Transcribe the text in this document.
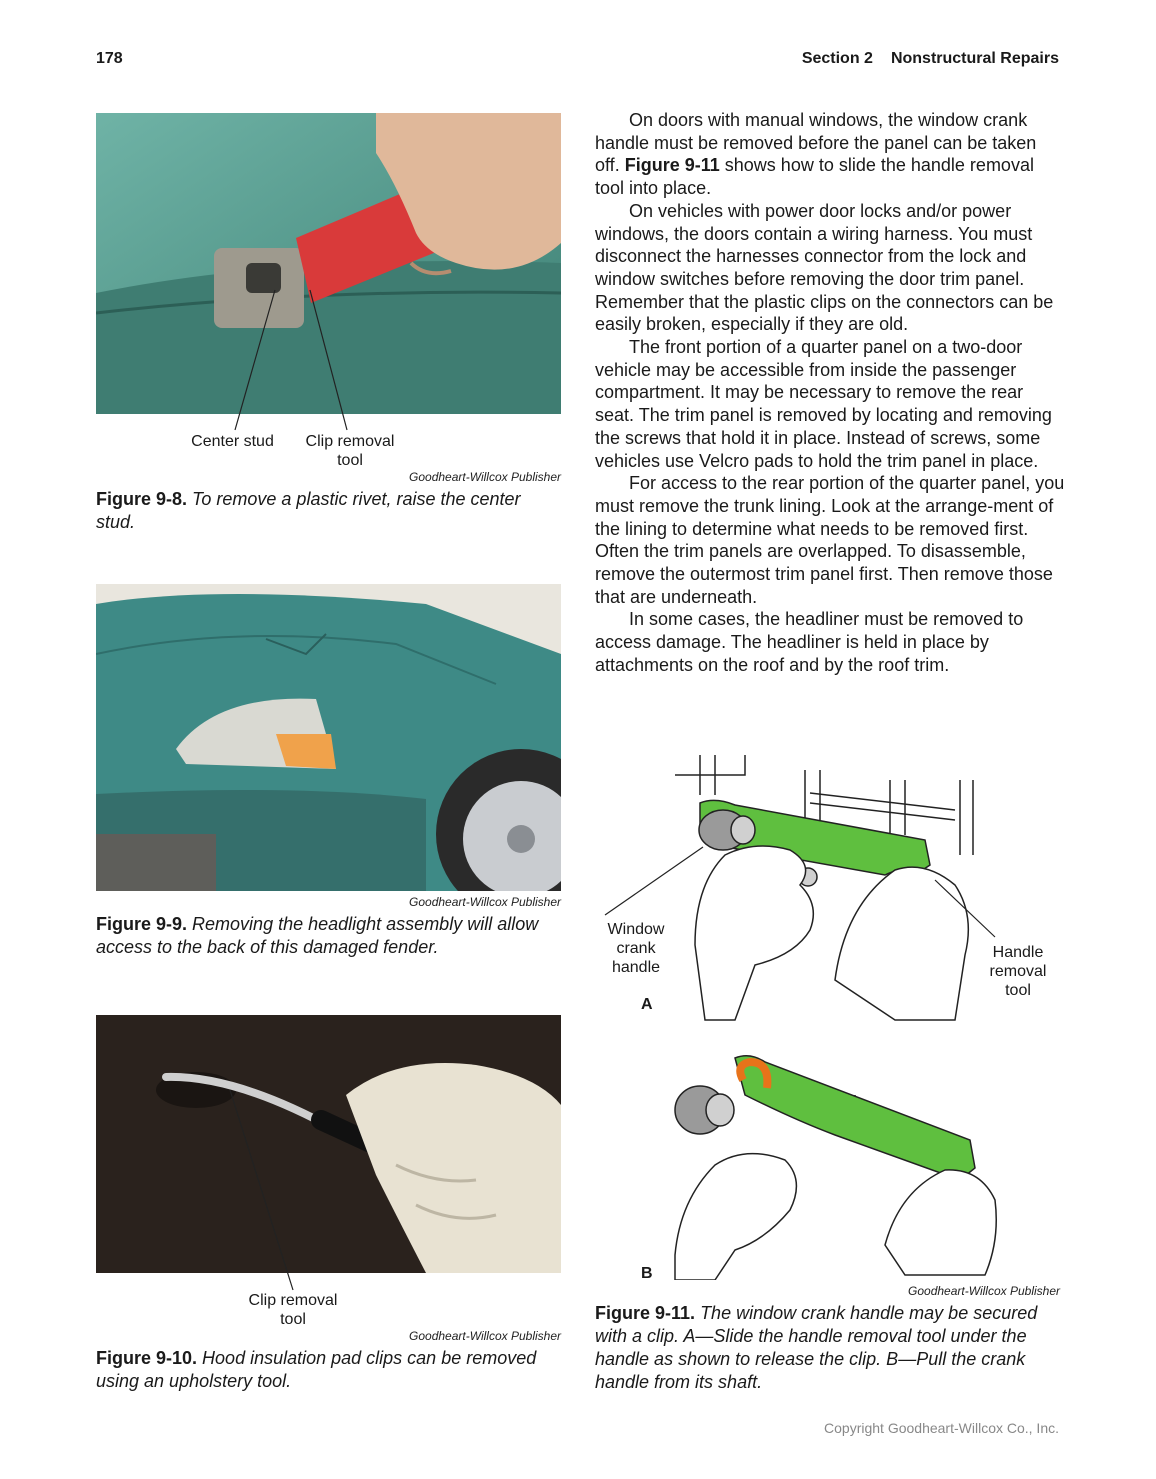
178	Section 2 Nonstructural Repairs
Center stud	Clip removal
tool
Goodheart-Willcox Publisher
Figure 9-8. To remove a plastic rivet, raise the center stud.
Goodheart-Willcox Publisher
Figure 9-9. Removing the headlight assembly will allow access to the back of this damaged fender.
Clip removal
tool
Goodheart-Willcox Publisher
Figure 9-10. Hood insulation pad clips can be removed using an upholstery tool.

On doors with manual windows, the window crank handle must be removed before the panel can be taken off. Figure 9-11 shows how to slide the handle removal tool into place.

On vehicles with power door locks and/or power windows, the doors contain a wiring harness. You must disconnect the harnesses connector from the lock and window switches before removing the door trim panel. Remember that the plastic clips on the connectors can be easily broken, especially if they are old.

The front portion of a quarter panel on a two-door vehicle may be accessible from inside the passenger compartment. It may be necessary to remove the rear seat. The trim panel is removed by locating and removing the screws that hold it in place. Instead of screws, some vehicles use Velcro pads to hold the trim panel in place.

For access to the rear portion of the quarter panel, you must remove the trunk lining. Look at the arrange-ment of the lining to determine what needs to be removed first. Often the trim panels are overlapped. To disassemble, remove the outermost trim panel first. Then remove those that are underneath.

In some cases, the headliner must be removed to access damage. The headliner is held in place by attachments on the roof and by the roof trim.

Window
crank
handle
Handle
removal
tool
A
B
Goodheart-Willcox Publisher
Figure 9-11. The window crank handle may be secured with a clip. A—Slide the handle removal tool under the handle as shown to release the clip. B—Pull the crank handle from its shaft.
Copyright Goodheart-Willcox Co., Inc.
